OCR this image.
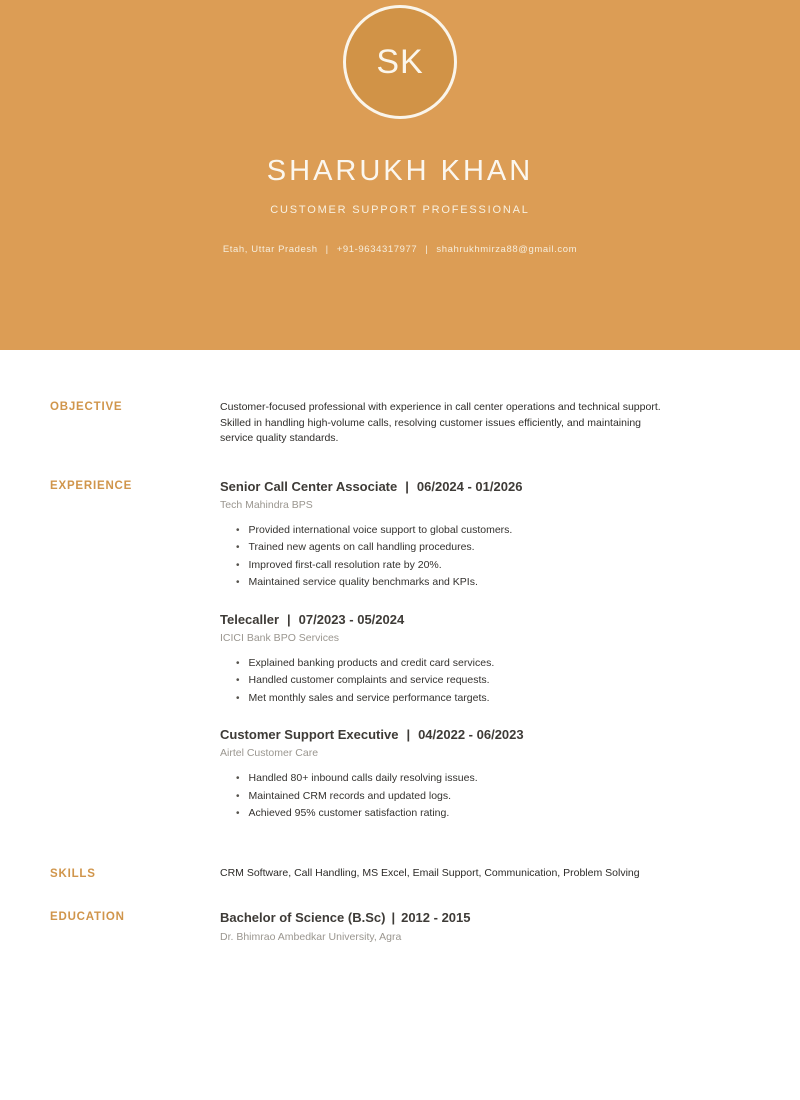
SK
SHARUKH KHAN
CUSTOMER SUPPORT PROFESSIONAL
Etah, Uttar Pradesh | +91-9634317977 | shahrukhmirza88@gmail.com
OBJECTIVE	Customer-focused professional with experience in call center operations and technical support. Skilled in handling high-volume calls, resolving customer issues efficiently, and maintaining service quality standards.

EXPERIENCE	Senior Call Center Associate | 06/2024 - 01/2026
Tech Mahindra BPS
• Provided international voice support to global customers.
• Trained new agents on call handling procedures.
• Improved first-call resolution rate by 20%.
• Maintained service quality benchmarks and KPIs.
Telecaller | 07/2023 - 05/2024
ICICI Bank BPO Services
• Explained banking products and credit card services.
• Handled customer complaints and service requests.
• Met monthly sales and service performance targets.
Customer Support Executive | 04/2022 - 06/2023
Airtel Customer Care
• Handled 80+ inbound calls daily resolving issues.
• Maintained CRM records and updated logs.
• Achieved 95% customer satisfaction rating.
SKILLS	CRM Software, Call Handling, MS Excel, Email Support, Communication, Problem Solving
EDUCATION	Bachelor of Science (B.Sc) | 2012 - 2015
Dr. Bhimrao Ambedkar University, Agra
